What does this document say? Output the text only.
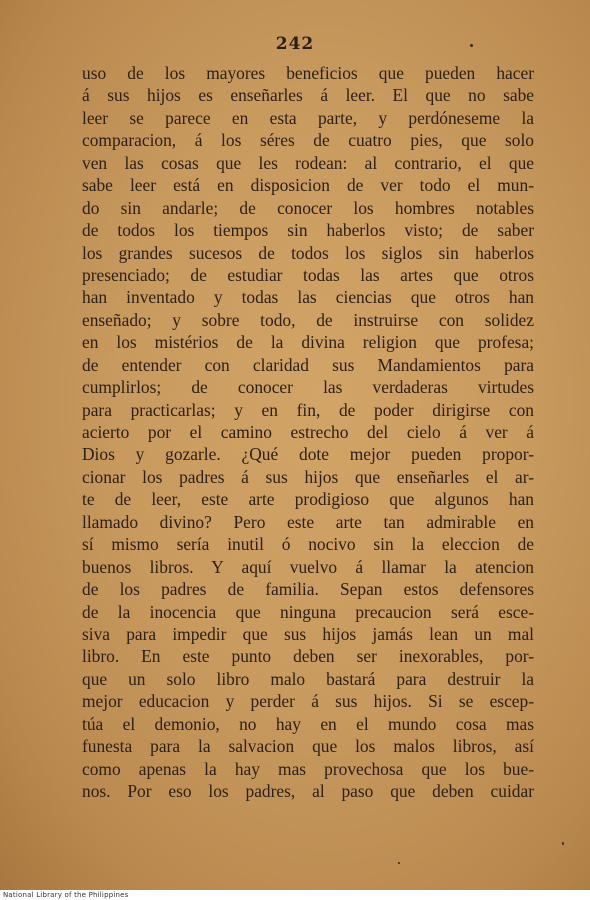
242
uso de los mayores beneficios que pueden hacer
á sus hijos es enseñarles á leer. El que no sabe
leer se parece en esta parte, y perdóneseme la
comparacion, á los séres de cuatro pies, que solo
ven las cosas que les rodean: al contrario, el que
sabe leer está en disposicion de ver todo el mun-
do sin andarle; de conocer los hombres notables
de todos los tiempos sin haberlos visto; de saber
los grandes sucesos de todos los siglos sin haberlos
presenciado; de estudiar todas las artes que otros
han inventado y todas las ciencias que otros han
enseñado; y sobre todo, de instruirse con solidez
en los mistérios de la divina religion que profesa;
de entender con claridad sus Mandamientos para
cumplirlos; de conocer las verdaderas virtudes
para practicarlas; y en fin, de poder dirigirse con
acierto por el camino estrecho del cielo á ver á
Dios y gozarle. ¿Qué dote mejor pueden propor-
cionar los padres á sus hijos que enseñarles el ar-
te de leer, este arte prodigioso que algunos han
llamado divino? Pero este arte tan admirable en
sí mismo sería inutil ó nocivo sin la eleccion de
buenos libros. Y aquí vuelvo á llamar la atencion
de los padres de familia. Sepan estos defensores
de la inocencia que ninguna precaucion será esce-
siva para impedir que sus hijos jamás lean un mal
libro. En este punto deben ser inexorables, por-
que un solo libro malo bastará para destruir la
mejor educacion y perder á sus hijos. Si se escep-
túa el demonio, no hay en el mundo cosa mas
funesta para la salvacion que los malos libros, así
como apenas la hay mas provechosa que los bue-
nos. Por eso los padres, al paso que deben cuidar
National Library of the Philippines
